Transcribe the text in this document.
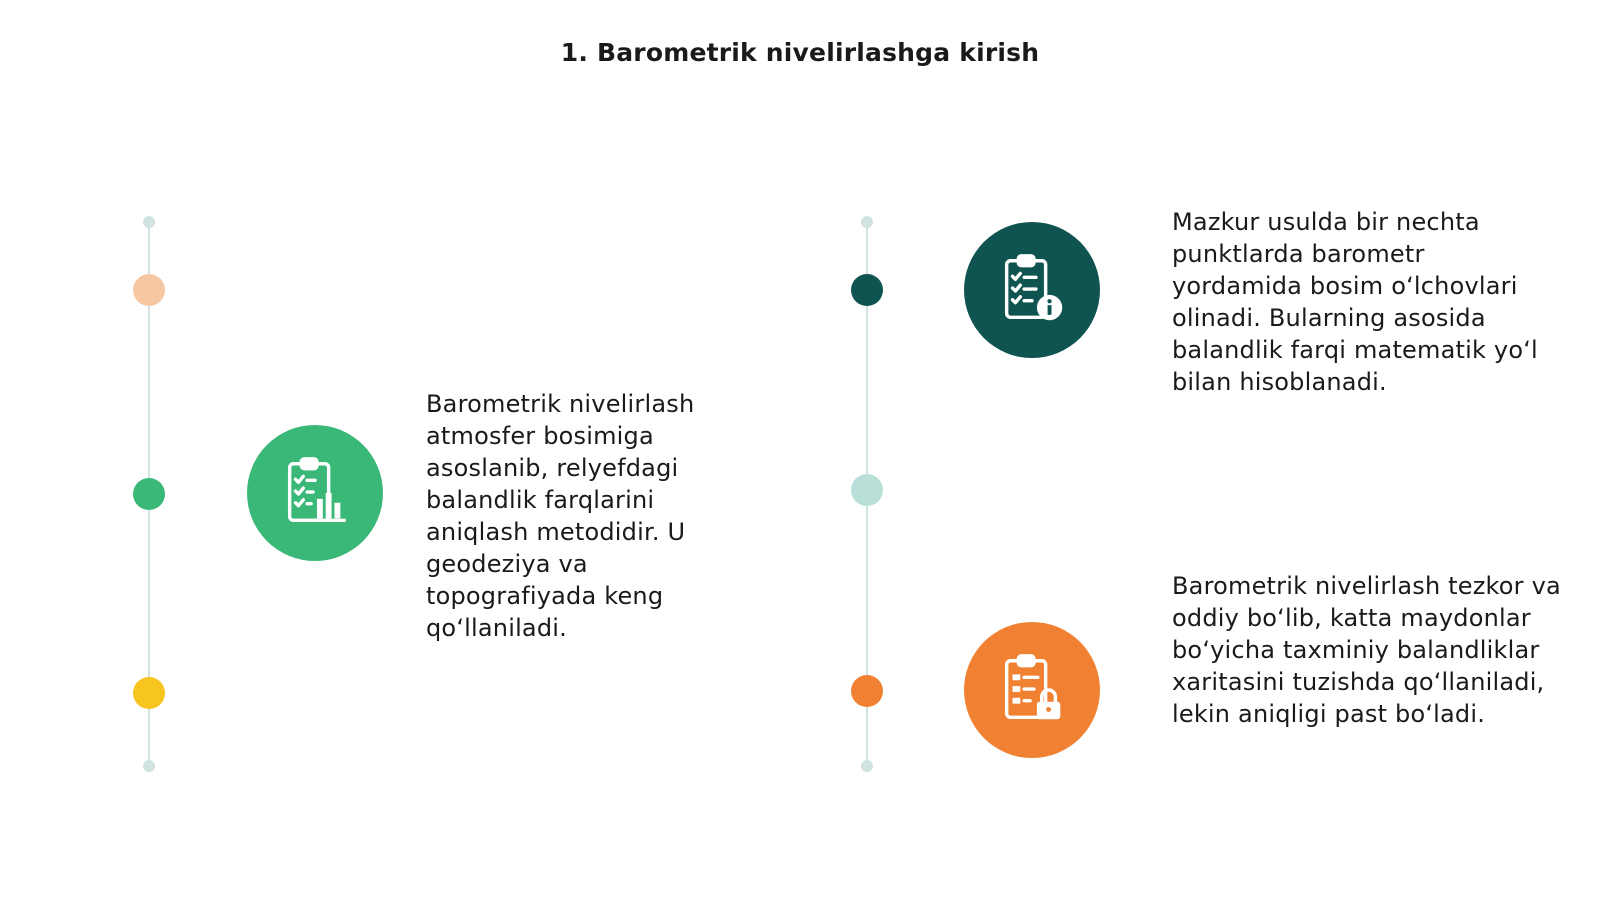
1. Barometrik nivelirlashga kirish

Barometrik nivelirlash atmosfer bosimiga asoslanib, relyefdagi balandlik farqlarini aniqlash metodidir. U geodeziya va topografiyada keng qo‘llaniladi.

Mazkur usulda bir nechta punktlarda barometr yordamida bosim o‘lchovlari olinadi. Bularning asosida balandlik farqi matematik yo‘l bilan hisoblanadi.

Barometrik nivelirlash tezkor va oddiy bo‘lib, katta maydonlar bo‘yicha taxminiy balandliklar xaritasini tuzishda qo‘llaniladi, lekin aniqligi past bo‘ladi.
